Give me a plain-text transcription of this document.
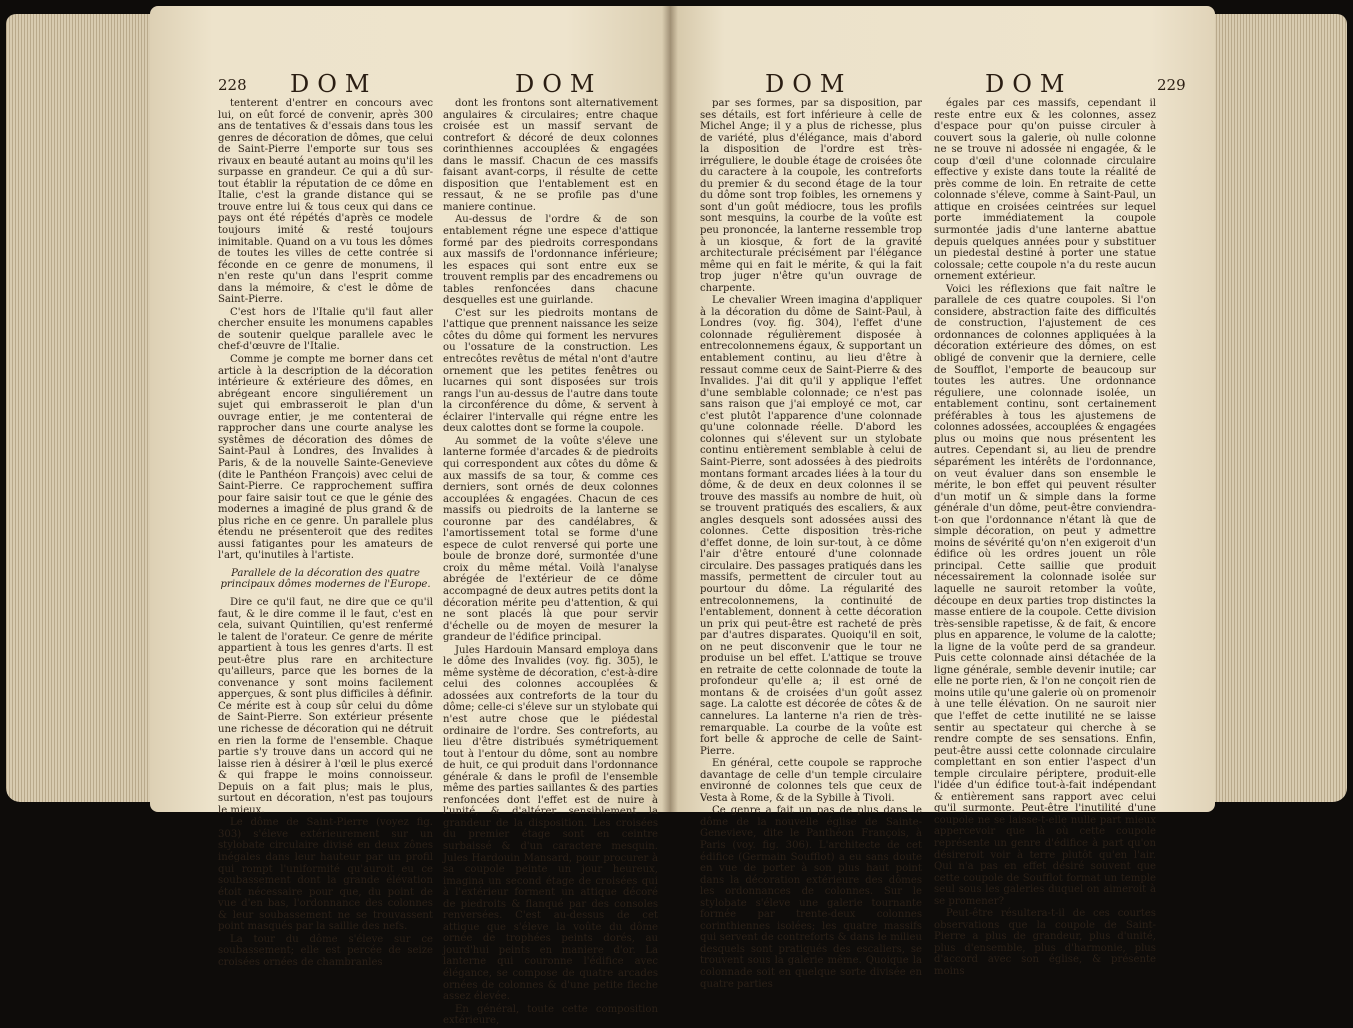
228 DOM	DOM

tenterent d'entrer en concours avec lui, on eût forcé de convenir, après 300 ans de tentatives & d'essais dans tous les genres de décoration de dômes, que celui de Saint-Pierre l'emporte sur tous ses rivaux en beauté autant au moins qu'il les surpasse en grandeur. Ce qui a dû sur-tout établir la réputation de ce dôme en Italie, c'est la grande distance qui se trouve entre lui & tous ceux qui dans ce pays ont été répétés d'après ce modele toujours imité & resté toujours inimitable. Quand on a vu tous les dômes de toutes les villes de cette contrée si féconde en ce genre de monumens, il n'en reste qu'un dans l'esprit comme dans la mémoire, & c'est le dôme de Saint-Pierre.

C'est hors de l'Italie qu'il faut aller chercher ensuite les monumens capables de soutenir quelque parallele avec le chef-d'œuvre de l'Italie.

Comme je compte me borner dans cet article à la description de la décoration intérieure & extérieure des dômes, en abrégeant encore singuliérement un sujet qui embrasseroit le plan d'un ouvrage entier, je me contenterai de rapprocher dans une courte analyse les systêmes de décoration des dômes de Saint-Paul à Londres, des Invalides à Paris, & de la nouvelle Sainte-Genevieve (dite le Panthéon François) avec celui de Saint-Pierre. Ce rapprochement suffira pour faire saisir tout ce que le génie des modernes a imaginé de plus grand & de plus riche en ce genre. Un parallele plus étendu ne présenteroit que des redites aussi fatigantes pour les amateurs de l'art, qu'inutiles à l'artiste.

Parallele de la décoration des quatre principaux dômes modernes de l'Europe.

Dire ce qu'il faut, ne dire que ce qu'il faut, & le dire comme il le faut, c'est en cela, suivant Quintilien, qu'est renfermé le talent de l'orateur. Ce genre de mérite appartient à tous les genres d'arts. Il est peut-être plus rare en architecture qu'ailleurs, parce que les bornes de la convenance y sont moins facilement apperçues, & sont plus difficiles à définir. Ce mérite est à coup sûr celui du dôme de Saint-Pierre. Son extérieur présente une richesse de décoration qui ne détruit en rien la forme de l'ensemble. Chaque partie s'y trouve dans un accord qui ne laisse rien à désirer à l'œil le plus exercé & qui frappe le moins connoisseur. Depuis on a fait plus; mais le plus, surtout en décoration, n'est pas toujours le mieux.

Le dôme de Saint-Pierre (voyez fig. 303) s'éleve extérieurement sur un stylobate circulaire divisé en deux zônes inégales dans leur hauteur par un profil qui rompt l'uniformité qu'auroit eu ce soubassement dont la grande élévation étoit nécessaire pour que, du point de vue d'en bas, l'ordonnance des colonnes & leur soubassement ne se trouvassent point masqués par la saillie des nefs.

La tour du dôme s'éleve sur ce soubassement; elle est percée de seize croisées ornées de chambranles

dont les frontons sont alternativement angulaires & circulaires; entre chaque croisée est un massif servant de contrefort & décoré de deux colonnes corinthiennes accouplées & engagées dans le massif. Chacun de ces massifs faisant avant-corps, il résulte de cette disposition que l'entablement est en ressaut, & ne se profile pas d'une maniere continue.

Au-dessus de l'ordre & de son entablement régne une espece d'attique formé par des piedroits correspondans aux massifs de l'ordonnance inférieure; les espaces qui sont entre eux se trouvent remplis par des encadremens ou tables renfoncées dans chacune desquelles est une guirlande.

C'est sur les piedroits montans de l'attique que prennent naissance les seize côtes du dôme qui forment les nervures ou l'ossature de la construction. Les entrecôtes revêtus de métal n'ont d'autre ornement que les petites fenêtres ou lucarnes qui sont disposées sur trois rangs l'un au-dessus de l'autre dans toute la circonférence du dôme, & servent à éclairer l'intervalle qui régne entre les deux calottes dont se forme la coupole.

Au sommet de la voûte s'éleve une lanterne formée d'arcades & de piedroits qui correspondent aux côtes du dôme & aux massifs de sa tour, & comme ces derniers, sont ornés de deux colonnes accouplées & engagées. Chacun de ces massifs ou piedroits de la lanterne se couronne par des candélabres, & l'amortissement total se forme d'une espece de culot renversé qui porte une boule de bronze doré, surmontée d'une croix du même métal. Voilà l'analyse abrégée de l'extérieur de ce dôme accompagné de deux autres petits dont la décoration mérite peu d'attention, & qui ne sont placés là que pour servir d'échelle ou de moyen de mesurer la grandeur de l'édifice principal.

Jules Hardouin Mansard employa dans le dôme des Invalides (voy. fig. 305), le même système de décoration, c'est-à-dire celui des colonnes accouplées & adossées aux contreforts de la tour du dôme; celle-ci s'éleve sur un stylobate qui n'est autre chose que le piédestal ordinaire de l'ordre. Ses contreforts, au lieu d'être distribués symétriquement tout à l'entour du dôme, sont au nombre de huit, ce qui produit dans l'ordonnance générale & dans le profil de l'ensemble même des parties saillantes & des parties renfoncées dont l'effet est de nuire à l'unité, & d'altérer sensiblement la grandeur de la disposition. Les croisées du premier étage sont en ceintre surbaissé & d'un caractere mesquin. Jules Hardouin Mansard, pour procurer à sa coupole peinte un jour heureux, imagina un second étage de croisées qui à l'extérieur forment un attique décoré de piedroits & flanqué par des consoles renversées. C'est au-dessus de cet attique que s'éleve la voûte du dôme ornée de trophées peints dorés, au jourd'hui peints en maniere d'or. La lanterne qui couronne l'édifice avec élégance, se compose de quatre arcades ornées de colonnes & d'une petite fleche assez élevée.

En général, toute cette composition extérieure,

DOM	DOM	229

par ses formes, par sa disposition, par ses détails, est fort inférieure à celle de Michel Ange; il y a plus de richesse, plus de variété, plus d'élégance, mais d'abord la disposition de l'ordre est très-irréguliere, le double étage de croisées ôte du caractere à la coupole, les contreforts du premier & du second étage de la tour du dôme sont trop foibles, les ornemens y sont d'un goût médiocre, tous les profils sont mesquins, la courbe de la voûte est peu prononcée, la lanterne ressemble trop à un kiosque, & fort de la gravité architecturale précisément par l'élégance même qui en fait le mérite, & qui la fait trop juger n'être qu'un ouvrage de charpente.

Le chevalier Wreen imagina d'appliquer à la décoration du dôme de Saint-Paul, à Londres (voy. fig. 304), l'effet d'une colonnade régulièrement disposée à entrecolonnemens égaux, & supportant un entablement continu, au lieu d'être à ressaut comme ceux de Saint-Pierre & des Invalides. J'ai dit qu'il y applique l'effet d'une semblable colonnade; ce n'est pas sans raison que j'ai employé ce mot, car c'est plutôt l'apparence d'une colonnade qu'une colonnade réelle. D'abord les colonnes qui s'élevent sur un stylobate continu entièrement semblable à celui de Saint-Pierre, sont adossées à des piedroits montans formant arcades liées à la tour du dôme, & de deux en deux colonnes il se trouve des massifs au nombre de huit, où se trouvent pratiqués des escaliers, & aux angles desquels sont adossées aussi des colonnes. Cette disposition très-riche d'effet donne, de loin sur-tout, à ce dôme l'air d'être entouré d'une colonnade circulaire. Des passages pratiqués dans les massifs, permettent de circuler tout au pourtour du dôme. La régularité des entrecolonnemens, la continuité de l'entablement, donnent à cette décoration un prix qui peut-être est racheté de près par d'autres disparates. Quoiqu'il en soit, on ne peut disconvenir que le tour ne produise un bel effet. L'attique se trouve en retraite de cette colonnade de toute la profondeur qu'elle a; il est orné de montans & de croisées d'un goût assez sage. La calotte est décorée de côtes & de cannelures. La lanterne n'a rien de très-remarquable. La courbe de la voûte est fort belle & approche de celle de Saint-Pierre.

En général, cette coupole se rapproche davantage de celle d'un temple circulaire environné de colonnes tels que ceux de Vesta à Rome, & de la Sybille à Tivoli.

Ce genre a fait un pas de plus dans le dôme de la nouvelle église de Sainte-Genevieve, dite le Panthéon François, à Paris (voy. fig. 306). L'architecte de cet édifice (Germain Soufflot) a eu sans doute en vue de porter à son plus haut point dans la décoration extérieure des dômes les ordonnances de colonnes. Sur le stylobate s'éleve une galerie tournante formée par trente-deux colonnes corinthiennes isolées; les quatre massifs qui servent de contreforts & dans le milieu desquels sont pratiqués des escaliers, se trouvent sous la galerie même. Quoique la colonnade soit en quelque sorte divisée en quatre parties

égales par ces massifs, cependant il reste entre eux & les colonnes, assez d'espace pour qu'on puisse circuler à couvert sous la galerie, où nulle colonne ne se trouve ni adossée ni engagée, & le coup d'œil d'une colonnade circulaire effective y existe dans toute la réalité de près comme de loin. En retraite de cette colonnade s'éleve, comme à Saint-Paul, un attique en croisées ceintrées sur lequel porte immédiatement la coupole surmontée jadis d'une lanterne abattue depuis quelques années pour y substituer un piedestal destiné à porter une statue colossale; cette coupole n'a du reste aucun ornement extérieur.

Voici les réflexions que fait naître le parallele de ces quatre coupoles. Si l'on considere, abstraction faite des difficultés de construction, l'ajustement de ces ordonnances de colonnes appliquées à la décoration extérieure des dômes, on est obligé de convenir que la derniere, celle de Soufflot, l'emporte de beaucoup sur toutes les autres. Une ordonnance réguliere, une colonnade isolée, un entablement continu, sont certainement préférables à tous les ajustemens de colonnes adossées, accouplées & engagées plus ou moins que nous présentent les autres. Cependant si, au lieu de prendre séparément les intérêts de l'ordonnance, on veut évaluer dans son ensemble le mérite, le bon effet qui peuvent résulter d'un motif un & simple dans la forme générale d'un dôme, peut-être conviendra-t-on que l'ordonnance n'étant là que de simple décoration, on peut y admettre moins de sévérité qu'on n'en exigeroit d'un édifice où les ordres jouent un rôle principal. Cette saillie que produit nécessairement la colonnade isolée sur laquelle ne sauroit retomber la voûte, découpe en deux parties trop distinctes la masse entiere de la coupole. Cette division très-sensible rapetisse, & de fait, & encore plus en apparence, le volume de la calotte; la ligne de la voûte perd de sa grandeur. Puis cette colonnade ainsi détachée de la ligne générale, semble devenir inutile; car elle ne porte rien, & l'on ne conçoit rien de moins utile qu'une galerie où on promenoir à une telle élévation. On ne sauroit nier que l'effet de cette inutilité ne se laisse sentir au spectateur qui cherche à se rendre compte de ses sensations. Enfin, peut-être aussi cette colonnade circulaire complettant en son entier l'aspect d'un temple circulaire périptere, produit-elle l'idée d'un édifice tout-à-fait indépendant & entièrement sans rapport avec celui qu'il surmonte. Peut-être l'inutilité d'une coupole ne se laisse-t-elle nulle part mieux appercevoir que là où cette coupole représente un genre d'édifice à part qu'on désireroit voir à terre plutôt qu'en l'air. Qui n'a pas en effet désiré souvent que cette coupole de Soufflot format un temple seul sous les galeries duquel on aimeroit à se promener?

Peut-être résultera-t-il de ces courtes observations que la coupole de Saint-Pierre a plus de grandeur, plus d'unité, plus d'ensemble, plus d'harmonie, plus d'accord avec son église, & présente moins
